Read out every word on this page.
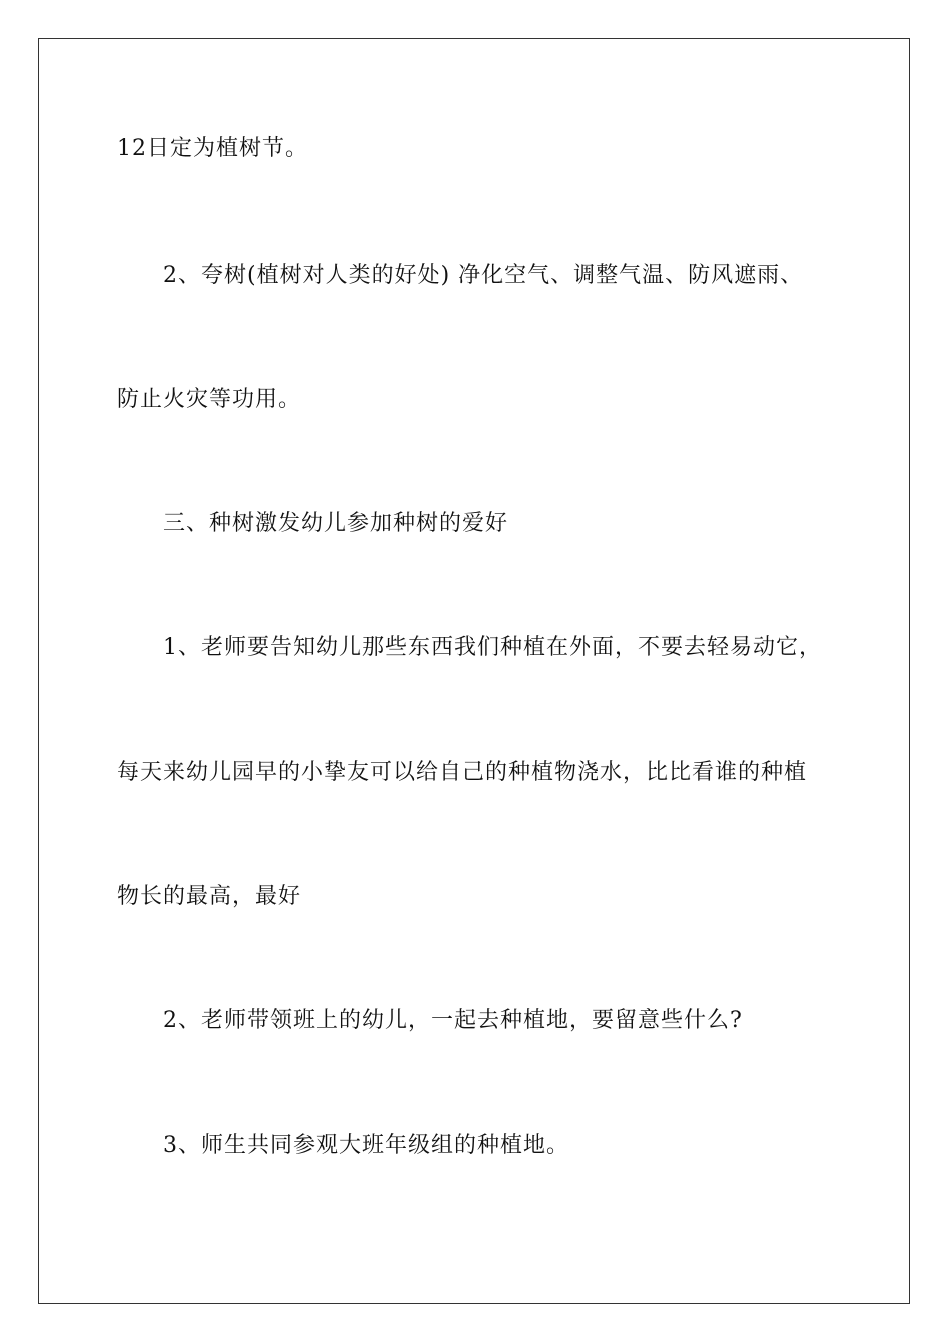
12日定为植树节。
2、夸树(植树对人类的好处) 净化空气、调整气温、防风遮雨、
防止火灾等功用。
三、种树激发幼儿参加种树的爱好
1、老师要告知幼儿那些东西我们种植在外面，不要去轻易动它，
每天来幼儿园早的小挚友可以给自己的种植物浇水，比比看谁的种植
物长的最高，最好
2、老师带领班上的幼儿，一起去种植地，要留意些什么?
3、师生共同参观大班年级组的种植地。
